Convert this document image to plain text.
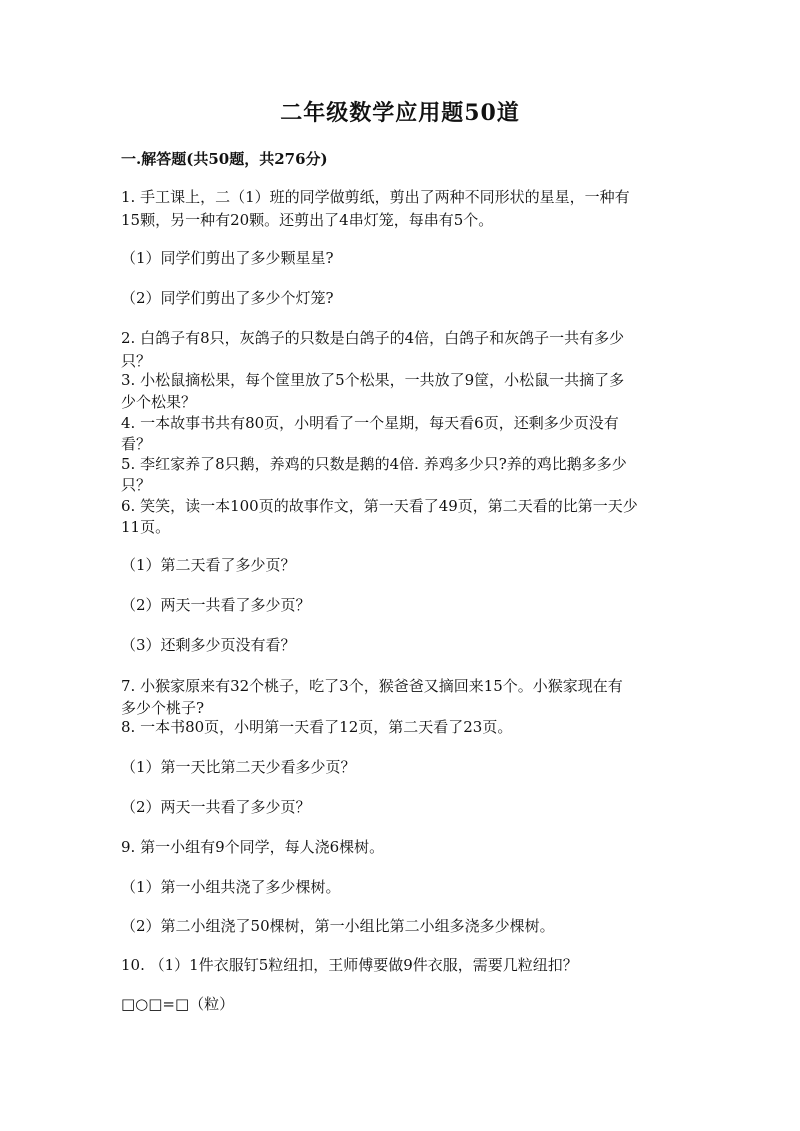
二年级数学应用题50道
一.解答题(共50题，共276分)
1. 手工课上，二（1）班的同学做剪纸，剪出了两种不同形状的星星，一种有
15颗，另一种有20颗。还剪出了4串灯笼，每串有5个。
（1）同学们剪出了多少颗星星?
（2）同学们剪出了多少个灯笼?
2. 白鸽子有8只，灰鸽子的只数是白鸽子的4倍，白鸽子和灰鸽子一共有多少
只？
3. 小松鼠摘松果，每个筐里放了5个松果，一共放了9筐，小松鼠一共摘了多
少个松果？
4. 一本故事书共有80页，小明看了一个星期，每天看6页，还剩多少页没有
看？
5. 李红家养了8只鹅，养鸡的只数是鹅的4倍. 养鸡多少只?养的鸡比鹅多多少
只？
6. 笑笑，读一本100页的故事作文，第一天看了49页，第二天看的比第一天少
11页。
（1）第二天看了多少页？
（2）两天一共看了多少页？
（3）还剩多少页没有看？
7. 小猴家原来有32个桃子，吃了3个，猴爸爸又摘回来15个。小猴家现在有
多少个桃子?
8. 一本书80页，小明第一天看了12页，第二天看了23页。
（1）第一天比第二天少看多少页？
（2）两天一共看了多少页？
9. 第一小组有9个同学，每人浇6棵树。
（1）第一小组共浇了多少棵树。
（2）第二小组浇了50棵树，第一小组比第二小组多浇多少棵树。
10. （1）1件衣服钉5粒纽扣，王师傅要做9件衣服，需要几粒纽扣？
□○□=□（粒）
